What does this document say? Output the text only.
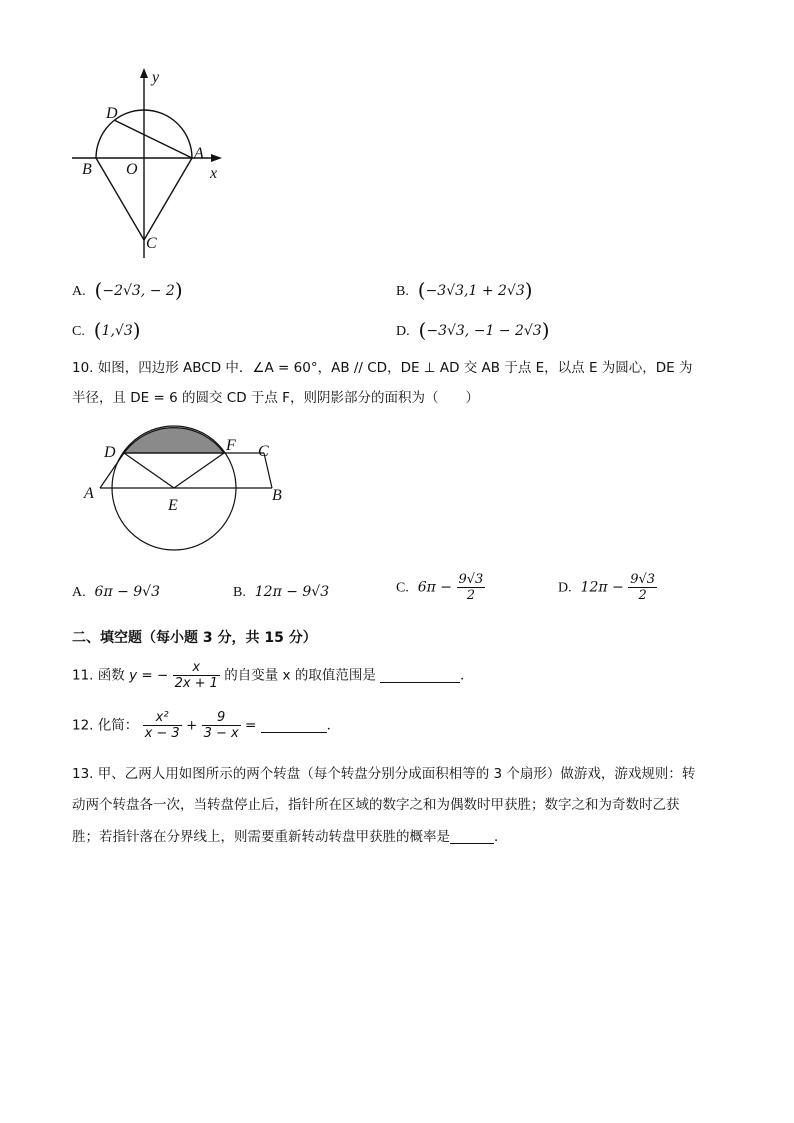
y
x
D
A
B O
C
A. (−2√3, − 2)	B. (−3√3,1 + 2√3)
C. (1,√3)	D. (−3√3, −1 − 2√3)
10. 如图，四边形 ABCD 中．∠A = 60°，AB // CD，DE ⊥ AD 交 AB 于点 E，以点 E 为圆心，DE 为
半径，且 DE = 6 的圆交 CD 于点 F，则阴影部分的面积为（　　）
D	F C
A
E
B
A. 6π − 9√3	B. 12π − 9√3	C. $6\pi - \frac{9√3}{2}$	D. $12\pi - \frac{9√3}{2}$
二、填空题（每小题 3 分，共 15 分）
11. 函数 y = − $\frac{x}{2x + 1}$ 的自变量 x 的取值范围是	．
12. 化简： $\frac{\text{x²}}{x - 3} + \frac{9}{3 - x}$ =	．
13. 甲、乙两人用如图所示的两个转盘（每个转盘分别分成面积相等的 3 个扇形）做游戏，游戏规则：转
动两个转盘各一次，当转盘停止后，指针所在区域的数字之和为偶数时甲获胜；数字之和为奇数时乙获
胜；若指针落在分界线上，则需要重新转动转盘甲获胜的概率是	．
